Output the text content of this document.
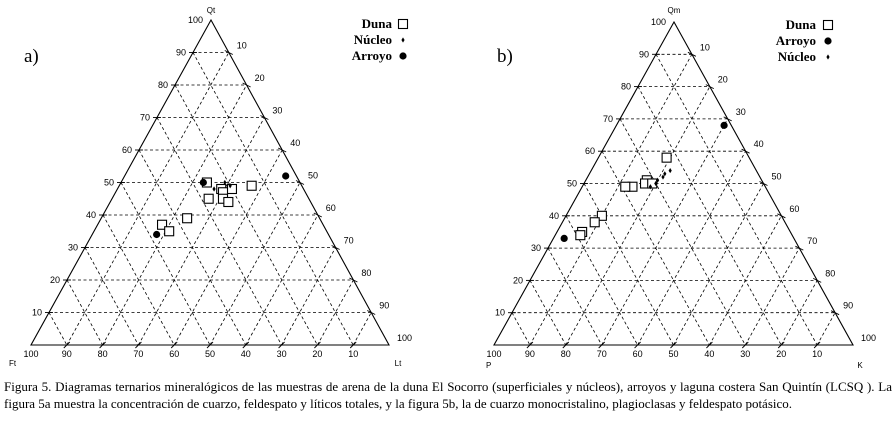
10
10
10
20
20
20
30
30
30
40
40
40
50
50
50
60
60
60
70
70
70
80
80
80
90
90
90
100
100
100
Qt
Ft	Lt
a)
Duna
Núcleo
Arroyo
10
10
10
20
20
20
30
30
30
40
40
40
50
50
50
60
60
60
70
70
70
80
80
80
90
90
90
100
100
100
Qm
P	K
b)
Duna
Arroyo
Núcleo

Figura 5. Diagramas ternarios mineralógicos de las muestras de arena de la duna El Socorro (superficiales y núcleos), arroyos y laguna costera San Quintín (LCSQ ). La figura 5a muestra la concentración de cuarzo, feldespato y líticos totales, y la figura 5b, la de cuarzo monocristalino, plagioclasas y feldespato potásico.
